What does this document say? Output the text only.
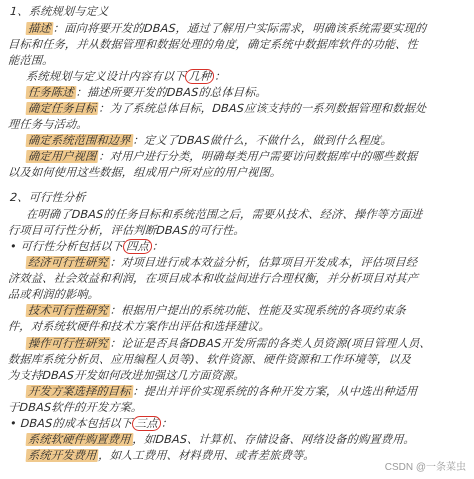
1、系统规划与定义
描述：面向将要开发的DBAS，通过了解用户实际需求，明确该系统需要实现的
目标和任务，并从数据管理和数据处理的角度，确定系统中数据库软件的功能、性
能范围。
系统规划与定义设计内容有以下 几种 ：
任务陈述：描述所要开发的DBAS的总体目标。
确定任务目标：为了系统总体目标，DBAS应该支持的一系列数据管理和数据处
理任务与活动。
确定系统范围和边界：定义了DBAS做什么，不做什么，做到什么程度。
确定用户视图：对用户进行分类，明确每类用户需要访问数据库中的哪些数据
以及如何使用这些数据，组成用户所对应的用户视图。
2、可行性分析
在明确了DBAS的任务目标和系统范围之后，需要从技术、经济、操作等方面进
行项目可行性分析，评估判断DBAS的可行性。
• 可行性分析包括以下 四点 ：
经济可行性研究：对项目进行成本效益分析，估算项目开发成本，评估项目经
济效益、社会效益和利润，在项目成本和收益间进行合理权衡，并分析项目对其产
品或利润的影响。
技术可行性研究：根据用户提出的系统功能、性能及实现系统的各项约束条
件，对系统软硬件和技术方案作出评估和选择建议。
操作可行性研究：论证是否具备DBAS开发所需的各类人员资源(项目管理人员、
数据库系统分析员、应用编程人员等)、软件资源、硬件资源和工作环境等，以及
为支持DBAS开发如何改进加强这几方面资源。
开发方案选择的目标：提出并评价实现系统的各种开发方案，从中选出种适用
于DBAS软件的开发方案。
• DBAS的成本包括以下 三点 ：
系统软硬件购置费用，如DBAS、计算机、存储设备、网络设备的购置费用。
系统开发费用，如人工费用、材料费用、或者差旅费等。
CSDN @一条菜虫
